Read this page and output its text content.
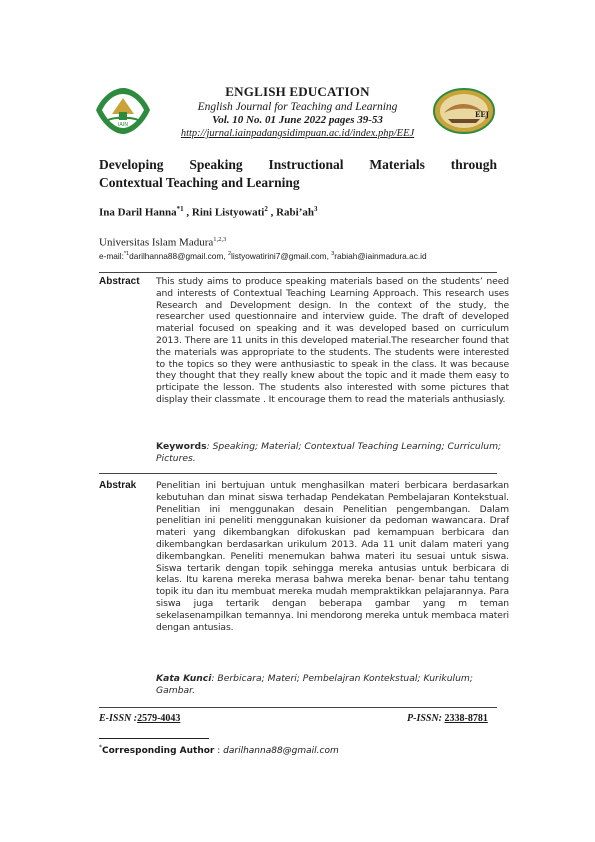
IAIN
EEJ
ENGLISH EDUCATION
English Journal for Teaching and Learning
Vol. 10 No. 01 June 2022 pages 39-53
http://jurnal.iainpadangsidimpuan.ac.id/index.php/EEJ
Developing Speaking Instructional Materials through
Contextual Teaching and Learning
Ina Daril Hanna$^{*1}$ , Rini Listyowati$^2$ , $Rabi’ah^3$
Universitas Islam Madura$^{1,2,3}$
e-mail:$^{*1}$darilhanna88@gmail.com, $^2$listyowatirini7@gmail.com, $^3$rabiah@iainmadura.ac.id
Abstract This study aims to produce speaking materials based on the students’ need and interests of Contextual Teaching Learning Approach. This research uses Research and Development design. In the context of the study, the researcher used questionnaire and interview guide. The draft of developed material focused on speaking and it was developed based on curriculum 2013. There are 11 units in this developed material.The researcher found that the materials was appropriate to the students. The students were interested to the topics so they were anthusiastic to speak in the class. It was because they thought that they really knew about the topic and it made them easy to prticipate the lesson. The students also interested with some pictures that display their classmate . It encourage them to read the materials anthusiasly.
Keywords: Speaking; Material; Contextual Teaching Learning; Curriculum; Pictures.
Abstrak Penelitian ini bertujuan untuk menghasilkan materi berbicara berdasarkan kebutuhan dan minat siswa terhadap Pendekatan Pembelajaran Kontekstual. Penelitian ini menggunakan desain Penelitian pengembangan. Dalam penelitian ini peneliti menggunakan kuisioner da pedoman wawancara. Draf materi yang dikembangkan difokuskan pad kemampuan berbicara dan dikembangkan berdasarkan urikulum 2013. Ada 11 unit dalam materi yang dikembangkan. Peneliti menemukan bahwa materi itu sesuai untuk siswa. Siswa tertarik dengan topik sehingga mereka antusias untuk berbicara di kelas. Itu karena mereka merasa bahwa mereka benar- benar tahu tentang topik itu dan itu membuat mereka mudah mempraktikkan pelajarannya. Para siswa juga tertarik dengan beberapa gambar yang m teman sekelasenampilkan temannya. Ini mendorong mereka untuk membaca materi dengan antusias.
Kata Kunci: Berbicara; Materi; Pembelajran Kontekstual; Kurikulum; Gambar.
E-ISSN :2579-4043	P-ISSN: 2338-8781
*Corresponding Author : darilhanna88@gmail.com
